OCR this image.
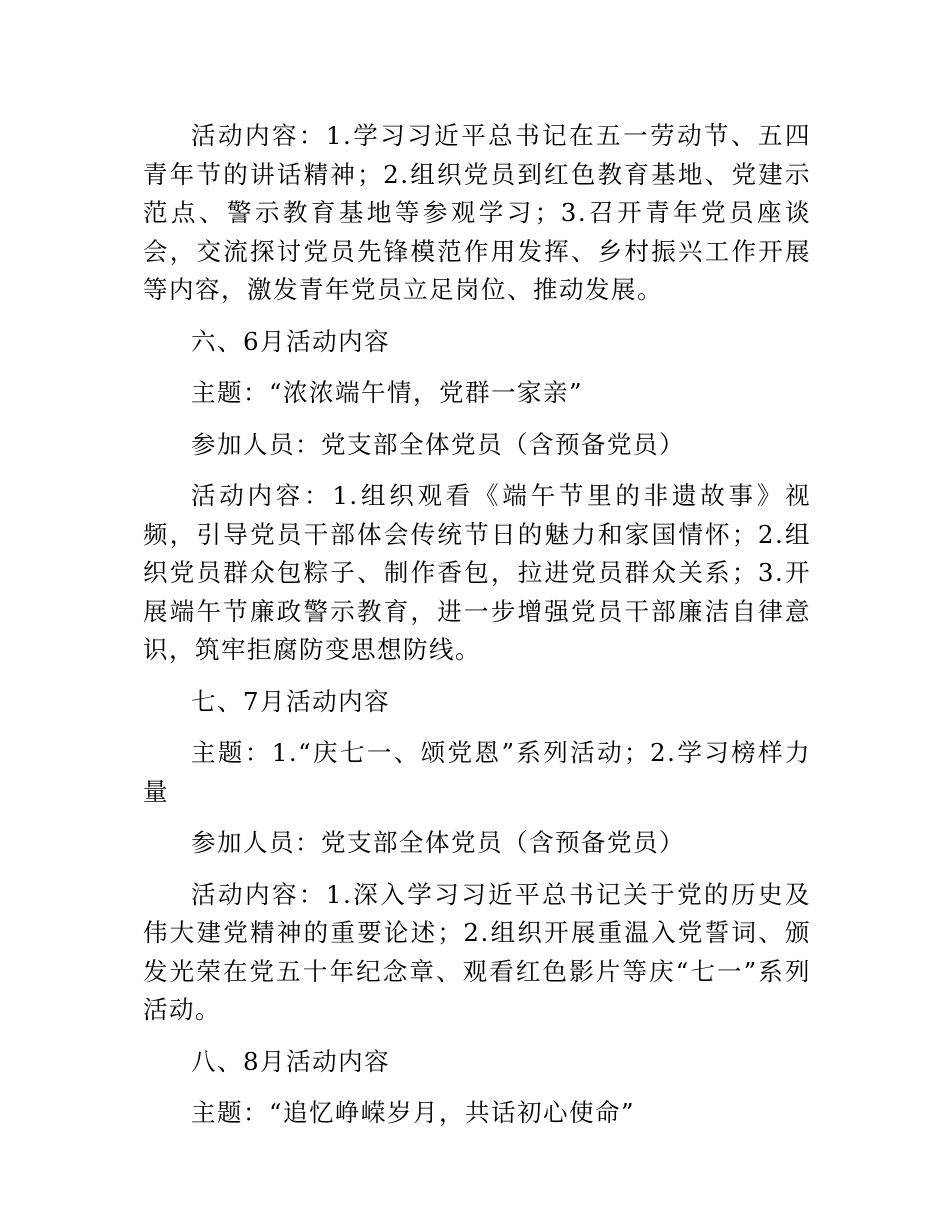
活动内容：1.学习习近平总书记在五一劳动节、五四青年节的讲话精神；2.组织党员到红色教育基地、党建示范点、警示教育基地等参观学习；3.召开青年党员座谈会，交流探讨党员先锋模范作用发挥、乡村振兴工作开展等内容，激发青年党员立足岗位、推动发展。

六、6月活动内容

主题：“浓浓端午情，党群一家亲”

参加人员：党支部全体党员（含预备党员）

活动内容：1.组织观看《端午节里的非遗故事》视频，引导党员干部体会传统节日的魅力和家国情怀；2.组织党员群众包粽子、制作香包，拉进党员群众关系；3.开展端午节廉政警示教育，进一步增强党员干部廉洁自律意识，筑牢拒腐防变思想防线。

七、7月活动内容

主题：1.“庆七一、颂党恩”系列活动；2.学习榜样力量

参加人员：党支部全体党员（含预备党员）

活动内容：1.深入学习习近平总书记关于党的历史及伟大建党精神的重要论述；2.组织开展重温入党誓词、颁发光荣在党五十年纪念章、观看红色影片等庆“七一”系列活动。

八、8月活动内容

主题：“追忆峥嵘岁月，共话初心使命”
